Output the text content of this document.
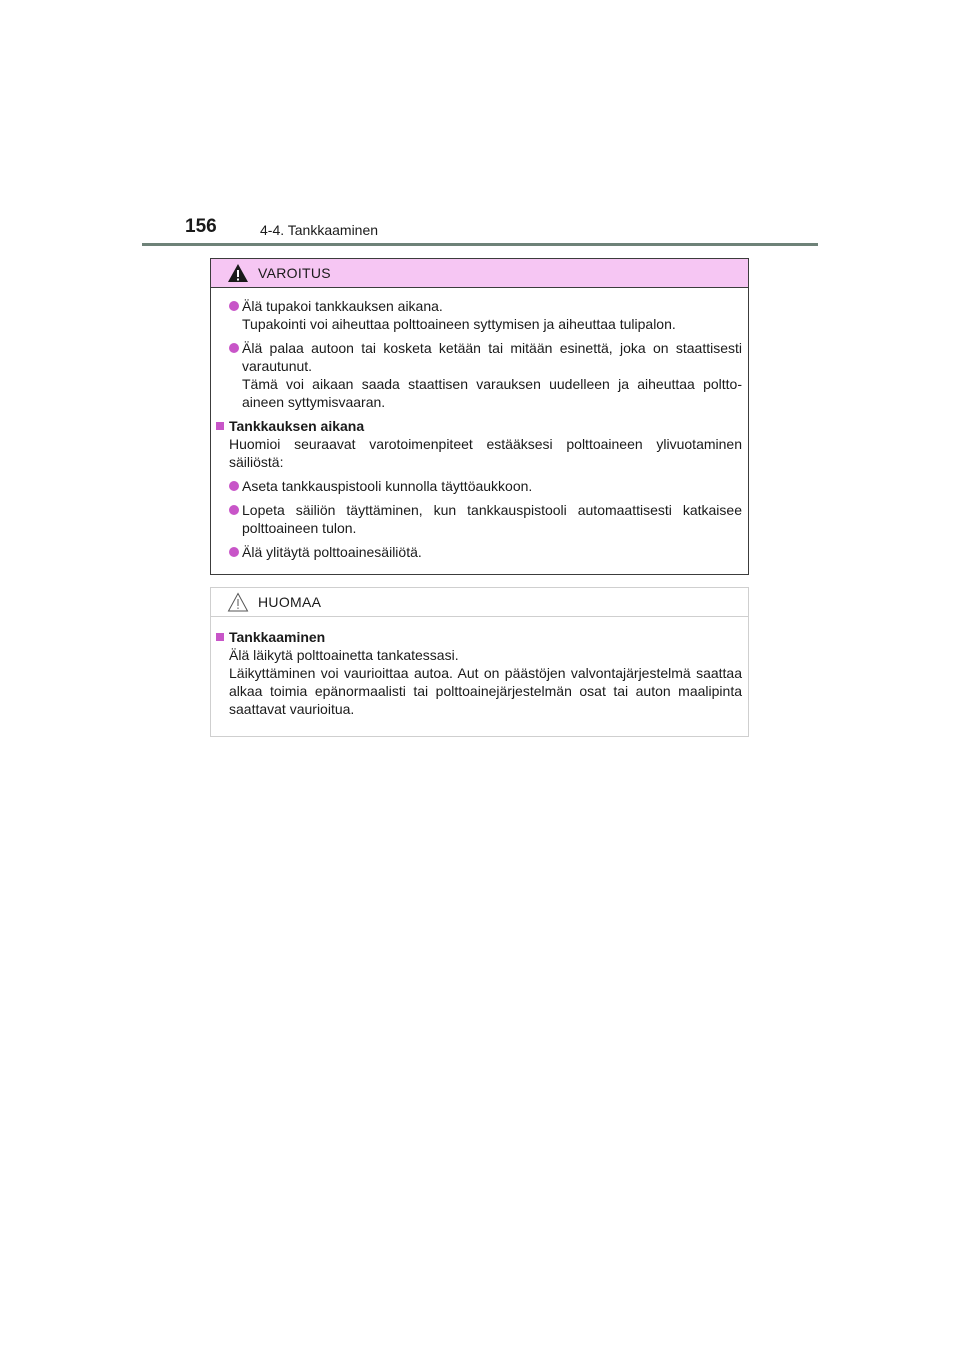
156	4-4. Tankkaaminen
VAROITUS
Älä tupakoi tankkauksen aikana.
Tupakointi voi aiheuttaa polttoaineen syttymisen ja aiheuttaa tulipalon.
Älä palaa autoon tai kosketa ketään tai mitään esinettä, joka on staattisesti varautunut.
Tämä voi aikaan saada staattisen varauksen uudelleen ja aiheuttaa poltto-aineen syttymisvaaran.
Tankkauksen aikana
Huomioi seuraavat varotoimenpiteet estääksesi polttoaineen ylivuotaminen säiliöstä:
Aseta tankkauspistooli kunnolla täyttöaukkoon.
Lopeta säiliön täyttäminen, kun tankkauspistooli automaattisesti katkaisee polttoaineen tulon.
Älä ylitäytä polttoainesäiliötä.
HUOMAA
Tankkaaminen
Älä läikytä polttoainetta tankatessasi.
Läikyttäminen voi vaurioittaa autoa. Aut on päästöjen valvontajärjestelmä saattaa alkaa toimia epänormaalisti tai polttoainejärjestelmän osat tai auton maalipinta saattavat vaurioitua.
